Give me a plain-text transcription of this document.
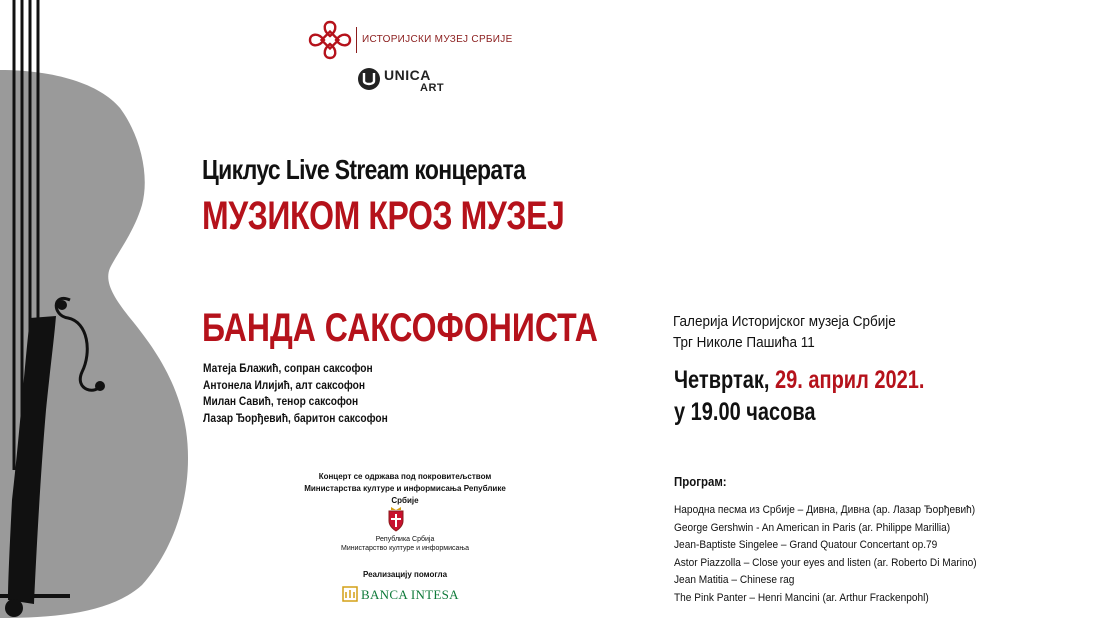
ИСТОРИЈСКИ МУЗЕЈ СРБИЈЕ
UNICA
ART
Циклус Live Stream концерата
МУЗИКОМ КРОЗ МУЗЕЈ
БАНДА САКСОФОНИСТА
Матеја Блажић, сопран саксофон
Антонела Илијић, алт саксофон
Милан Савић, тенор саксофон
Лазар Ђорђевић, баритон саксофон
Концерт се одржава под покровитељством
Министарства културе и информисања Републике Србије
Република Србија
Министарство културе и информисања
Реализацију помогла
BANCA INTESA
Галерија Историјског музеја Србије
Трг Николе Пашића 11
Четвртак, 29. април 2021.
у 19.00 часова
Програм:
Народна песма из Србије – Дивна, Дивна (ар. Лазар Ђорђевић)
George Gershwin - An American in Paris (ar. Philippe Marillia)
Jean-Baptiste Singelee – Grand Quatour Concertant op.79
Astor Piazzolla – Close your eyes and listen (ar. Roberto Di Marino)
Jean Matitia – Chinese rag
The Pink Panter – Henri Mancini (ar. Arthur Frackenpohl)
